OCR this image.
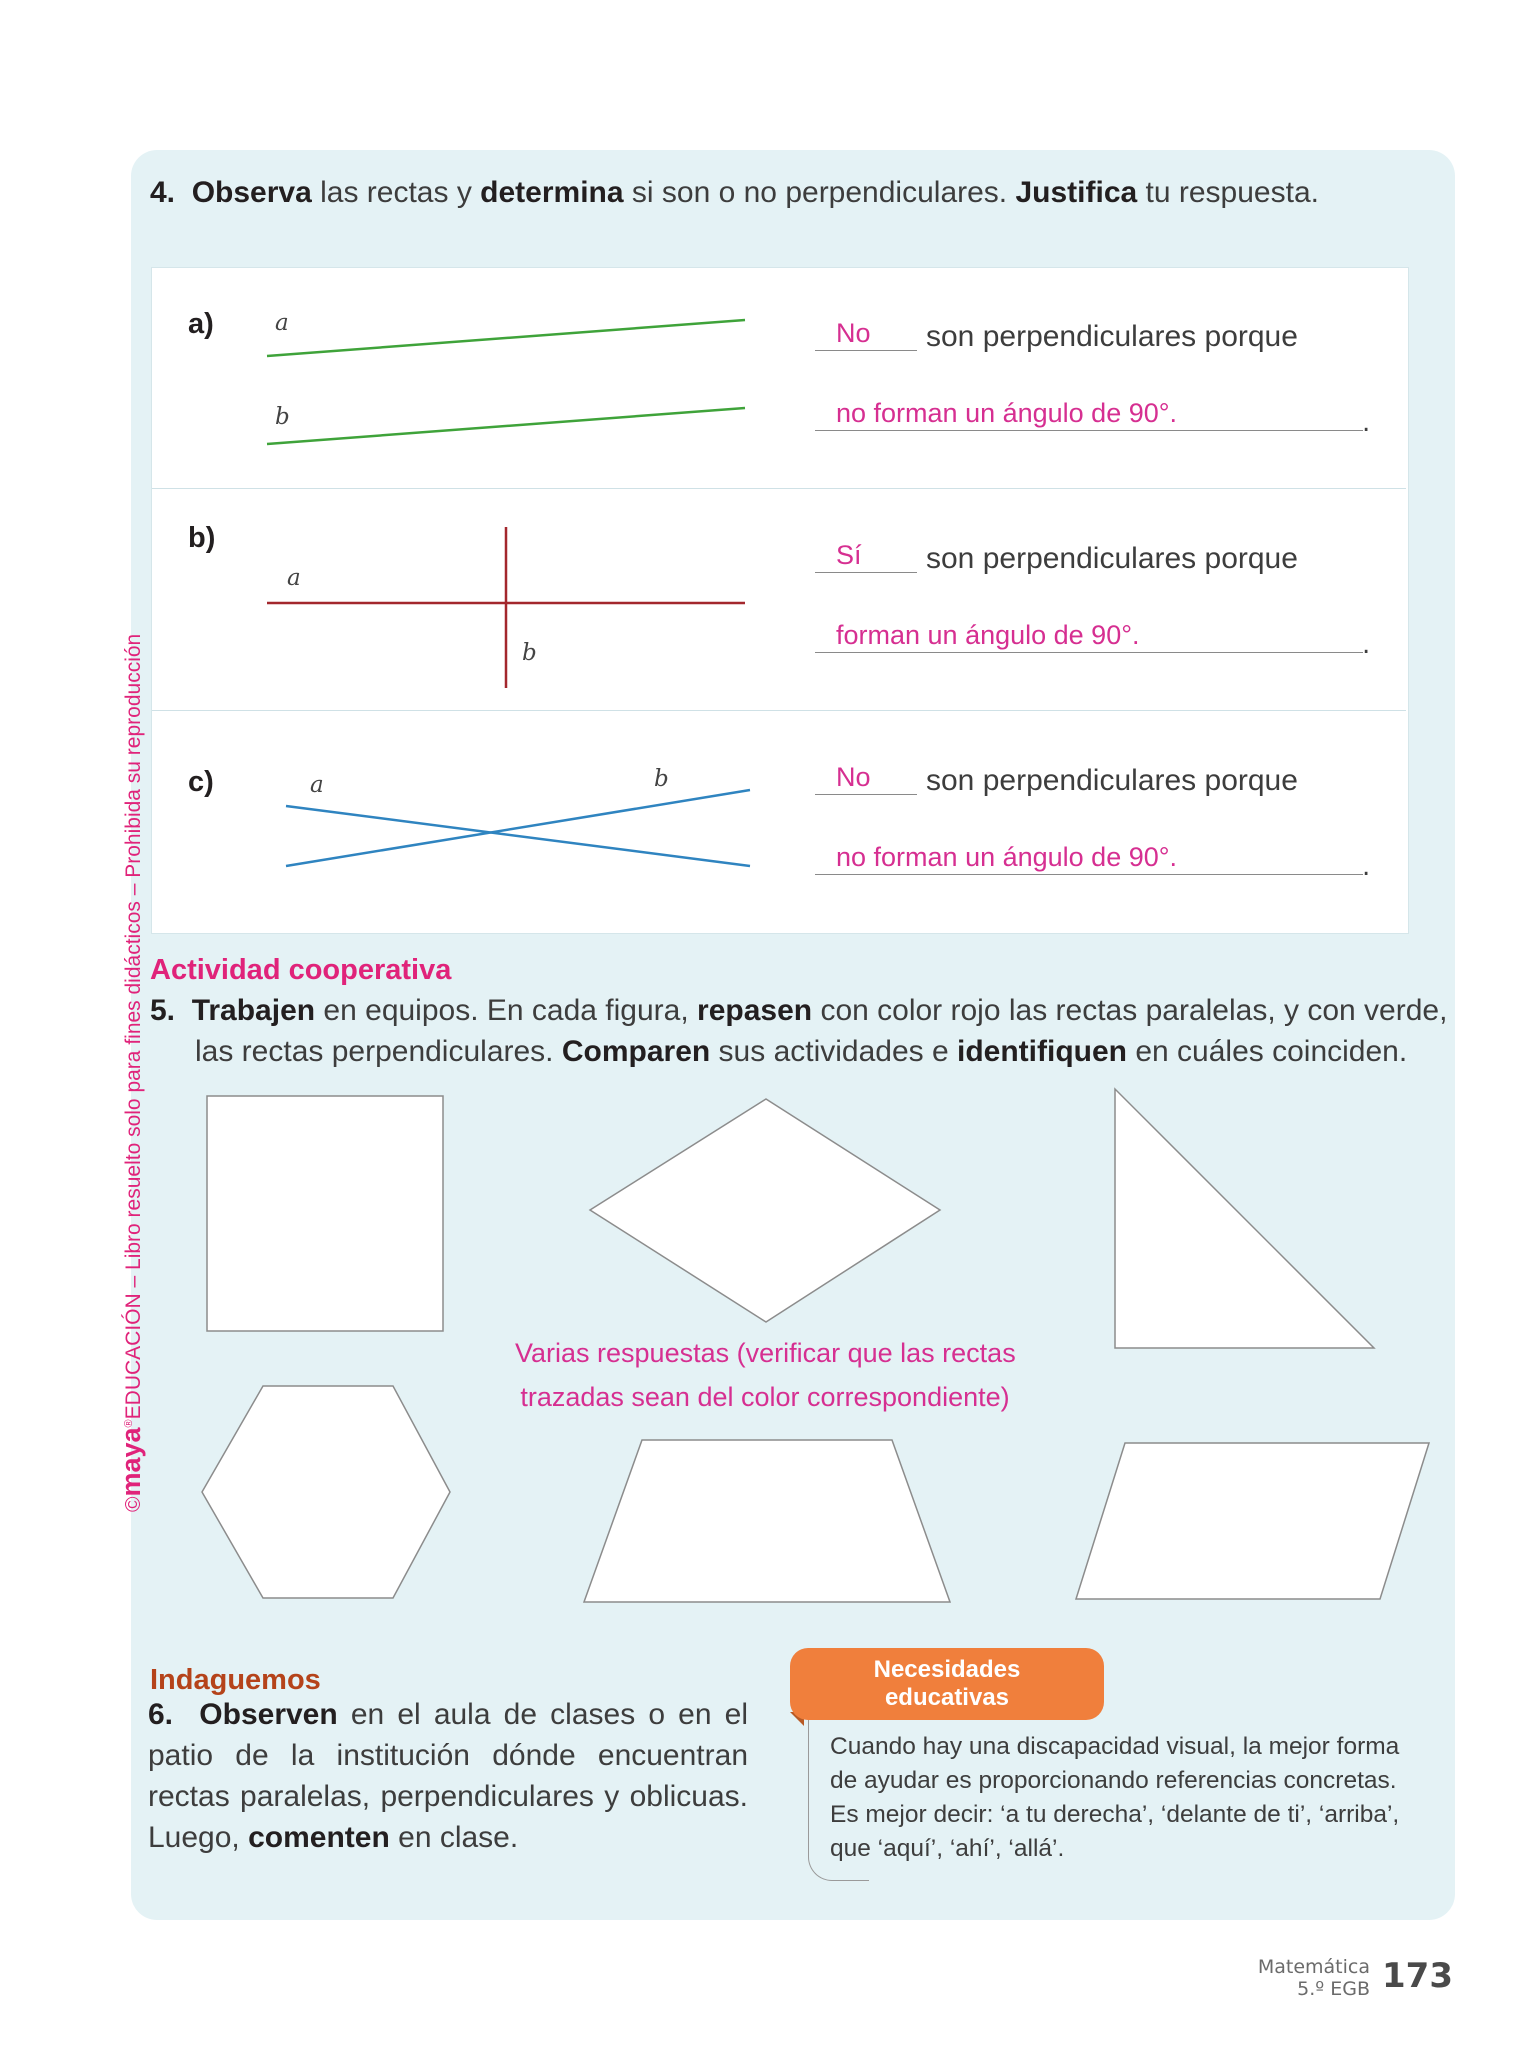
©maya®EDUCACIÓN – Libro resuelto solo para fines didácticos – Prohibida su reproducción
4. Observa las rectas y determina si son o no perpendiculares. Justifica tu respuesta.
a)	a
b
No son perpendiculares porque
no forman un ángulo de 90°.	.
b)
a
b
Sí son perpendiculares porque
forman un ángulo de 90°.	.
c)	a	b	No son perpendiculares porque
no forman un ángulo de 90°.	.
Actividad cooperativa
5. Trabajen en equipos. En cada figura, repasen con color rojo las rectas paralelas, y con verde,
las rectas perpendiculares. Comparen sus actividades e identifiquen en cuáles coinciden.
Varias respuestas (verificar que las rectas
trazadas sean del color correspondiente)
Indaguemos
6. Observen en el aula de clases o en el patio de la institución dónde encuentran rectas paralelas, perpendiculares y oblicuas. Luego, comenten en clase.
Necesidades
educativas
Cuando hay una discapacidad visual, la mejor forma de ayudar es proporcionando referencias concretas. Es mejor decir: ‘a tu derecha’, ‘delante de ti’, ‘arriba’, que ‘aquí’, ‘ahí’, ‘allá’.
Matemática
5.º EGB 173
